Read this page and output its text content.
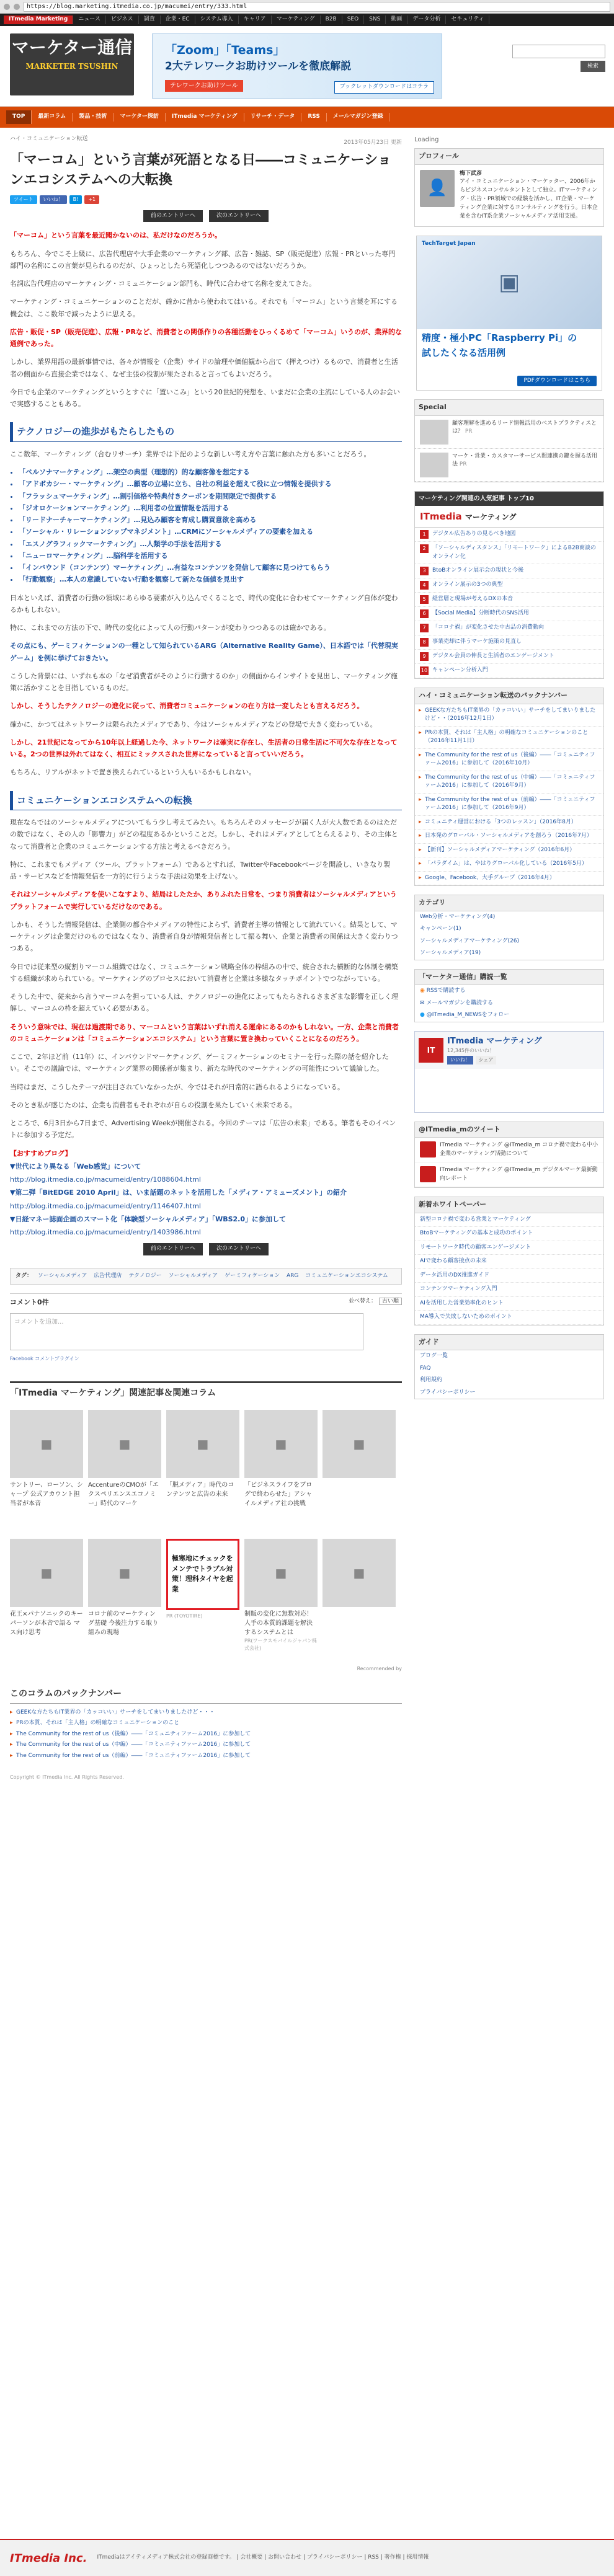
https://blog.marketing.itmedia.co.jp/macumei/entry/333.html
ITmedia Marketing	ニュース	ビジネス	調査	企業・EC	システム導入	キャリア	マーケティング	B2B	SEO	SNS	動画	データ分析	セキュリティ
マーケター通信
MARKETER TSUSHIN
「Zoom」「Teams」
2大テレワークお助けツールを徹底解説
テレワークお助けツール	ブックレットダウンロードはコチラ
検索
TOP	最新コラム	製品・技術	マーケター探訪	ITmedia マーケティング	リサーチ・データ	RSS	メールマガジン登録
ハイ・コミュニケーション転送
2013年05月23日 更新
「マーコム」という言葉が死語となる日――コミュニケーションエコシステムへの大転換
ツイート	いいね！	B!	+1
前のエントリーへ	次のエントリーへ

「マーコム」という言葉を最近聞かないのは、私だけなのだろうか。

もちろん、今でこそ上級に、広告代理店や大手企業のマーケティング部、広告・雑誌、SP（販売促進）広報・PRといった専門部門の名称にこの言葉が見られるのだが、ひょっとしたら死語化しつつあるのではないだろうか。

名詞広告代理店のマーケティング・コミュニケーション部門も、時代に合わせて名称を変えてきた。

マーケティング・コミュニケーションのことだが、確かに昔から使われてはいる。それでも「マーコム」という言葉を耳にする機会は、ここ数年で減ったように思える。

広告・販促・SP（販売促進）、広報・PRなど、消費者との関係作りの各種活動をひっくるめて「マーコム」いうのが、業界的な通例であった。

しかし、業界用語の最新事情では、各々が情報を（企業）サイドの論理や価値観から出て（押えつけ）るもので、消費者と生活者の側面から直接企業ではなく、なぜ主張の役割が果たされると言ってもよいだろう。

今日でも企業のマーケティングというとすぐに「置いこみ」という20世紀的発想を、いまだに企業の主流にしている人のお会いで実感することもある。

テクノロジーの進歩がもたらしたもの

ここ数年、マーケティング（合むリサーチ）業界では下記のような新しい考え方や言葉に触れた方も多いことだろう。

• 「ペルソナマーケティング」…架空の典型（理想的）的な顧客像を想定する
• 「アドボカシー・マーケティング」…顧客の立場に立ち、自社の利益を超えて役に立つ情報を提供する
• 「フラッシュマーケティング」…割引価格や特典付きクーポンを期間限定で提供する
• 「ジオロケーションマーケティング」…利用者の位置情報を活用する
• 「リードナーチャーマーケティング」…見込み顧客を育成し購買意欲を高める
• 「ソーシャル・リレーションシップマネジメント」…CRMにソーシャルメディアの要素を加える
• 「エスノグラフィックマーケティング」…人類学の手法を活用する
• 「ニューロマーケティング」…脳科学を活用する
• 「インバウンド（コンテンツ）マーケティング」…有益なコンテンツを発信して顧客に見つけてもらう
• 「行動観察」…本人の意識していない行動を観察して新たな価値を見出す

日本といえば、消費者の行動の領域にあらゆる要素が入り込んでくることで、時代の変化に合わせてマーケティング自体が変わるかもしれない。

特に、これまでの方法の下で、時代の変化によって人の行動パターンが変わりつつあるのは確かである。

その点にも、ゲーミフィケーションの一種として知られているARG（Alternative Reality Game）、日本語では「代替現実ゲーム」を例に挙げておきたい。

こうした背景には、いずれも本の「なぜ消費者がそのように行動するのか」の側面からインサイトを見出し、マーケティング施策に活かすことを目指しているものだ。

しかし、そうしたテクノロジーの進化に従って、消費者コミュニケーションの在り方は一変したとも言えるだろう。

確かに、かつてはネットワークは限られたメディアであり、今はソーシャルメディアなどの登場で大きく変わっている。

しかし、21世紀になってから10年以上経過した今、ネットワークは確実に存在し、生活者の日常生活に不可欠な存在となっている。2つの世界は外れてはなく、相互にミックスされた世界になっていると言っていいだろう。

もちろん、リアルがネットで置き換えられているという人もいるかもしれない。

コミュニケーションエコシステムへの転換

現在ならではのソーシャルメディアについてもう少し考えてみたい。もちろんそのメッセージが届く人が大人数であるのはただの数ではなく、その人の「影響力」がどの程度あるかということだ。しかし、それはメディアとしてとらえるより、その主体となって消費者と企業のコミュニケーションする方法と考えるべきだろう。

特に、これまでもメディア（ツール、プラットフォーム）であるとすれば、TwitterやFacebookページを開設し、いきなり製品・サービスなどを情報発信を一方的に行うような手法は効果を上げない。

それはソーシャルメディアを使いこなすより、結局はしたたか、ありふれた日常を、つまり消費者はソーシャルメディアというプラットフォームで実行しているだけなのである。

しかも、そうした情報発信は、企業側の都合やメディアの特性によらず、消費者主導の情報として流れていく。結果として、マーケティングは企業だけのものではなくなり、消費者自身が情報発信者として振る舞い、企業と消費者の関係は大きく変わりつつある。

今日では従来型の縦割りマーコム組織ではなく、コミュニケーション戦略全体の枠組みの中で、統合された横断的な体制を構築する組織が求められている。マーケティングのプロセスにおいて消費者と企業は多様なタッチポイントでつながっている。

そうした中で、従来から言うマーコムを担っている人は、テクノロジーの進化によってもたらされるさまざまな影響を正しく理解し、マーコムの枠を超えていく必要がある。

そういう意味では、現在は過渡期であり、マーコムという言葉はいずれ消える運命にあるのかもしれない。一方、企業と消費者のコミュニケーションは「コミュニケーションエコシステム」という言葉に置き換わっていくことになるのだろう。

ここで、2年ほど前（11年）に、インバウンドマーケティング、ゲーミフィケーションのセミナーを行った際の話を紹介したい。そこでの議論では、マーケティング業界の関係者が集まり、新たな時代のマーケティングの可能性について議論した。

当時はまだ、こうしたテーマが注目されていなかったが、今ではそれが日常的に語られるようになっている。

そのとき私が感じたのは、企業も消費者もそれぞれが自らの役割を果たしていく未来である。

ところで、6月3日から7日まで、Advertising Weekが開催される。今回のテーマは「広告の未来」である。筆者もそのイベントに参加する予定だ。

【おすすめブログ】

▼世代により異なる「Web感覚」について

http://blog.itmedia.co.jp/macumeid/entry/1088604.html

▼第二弾「BitEDGE 2010 April」は、いま話題のネットを活用した「メディア・アミューズメント」の紹介

http://blog.itmedia.co.jp/macumeid/entry/1146407.html

▼日経マネー誌面企画のスマート化「体験型ソーシャルメディア」「WBS2.0」に参加して

http://blog.itmedia.co.jp/macumeid/entry/1403986.html

前のエントリーへ	次のエントリーへ
タグ： ソーシャルメディア 広告代理店 テクノロジー ソーシャルメディア ゲーミフィケーション ARG コミュニケーションエコシステム
コメント0件	並べ替え： 古い順
コメントを追加...
Facebook コメントプラグイン
「ITmedia マーケティング」関連記事＆関連コラム
■
サントリー、ローソン、シャープ 公式アカウント担当者が本音
■
AccentureのCMOが「エクスペリエンスエコノミー」時代のマーケ
■
「脱メディア」時代のコンテンツと広告の未来
■
「ビジネスライフをブログで終わらせた」アシャイルメディア社の挑戦
■
■
花王×パナソニックのキーパーソンが本音で語る マス向け思考
■
コロナ前のマーケティング基礎 今後注力する取り組みの現場
極寒地にチェックをメンテでトラブル対策！理科タイヤを起業
PR (TOYOTIRE)
■
制販の変化に無数対応！人手の本質的課題を解決するシステムとは
PR(ワークスモバイルジャパン株式会社)
■
Recommended by
このコラムのバックナンバー
▸ GEEKな方たちもIT業界の「カッコいい」サーチをしてまいりましたけど・・・
▸ PRの本質、それは「主人格」の明確なコミュニケーションのこと
▸ The Community for the rest of us（後編）――「コミュニティファーム2016」に参加して
▸ The Community for the rest of us（中編）――「コミュニティファーム2016」に参加して
▸ The Community for the rest of us（前編）――「コミュニティファーム2016」に参加して
Copyright © ITmedia Inc. All Rights Reserved.
Loading
プロフィール
👤
梅下武彦
アイ・コミュニケーション・マーケッター、2006年からビジネスコンサルタントとして独立。ITマーケティング・広告・PR領域での経験を活かし、IT企業・マーケティング企業に対するコンサルティングを行う。日本企業を含むIT系企業ソーシャルメディア活用支援。
▣
TechTarget Japan
精度・極小PC「Raspberry Pi」の
試したくなる活用例
PDFダウンロードはこちら
Special
顧客理解を進めるリード情報活用のベストプラクティスとは？ PR
マーケ・営業・カスタマーサービス間連携の鍵を握る活用法 PR
マーケティング関連の人気記事 トップ10
ITmedia マーケティング
1	デジタル広告ありの見るべき地図
2	「ソーシャルディスタンス」「リモートワーク」によるB2B商談のオンライン化
3	BtoBオンライン展示会の現状と今後
4	オンライン展示の3つの典型
5	経営層と現場が考えるDXの本音
6	【Social Media】分断時代のSNS活用
7	「コロナ禍」が変化させた中古品の消費動向
8	事業売却に伴うマーケ施策の見直し
9	デジタル会員の伸長と生活者のエンゲージメント
10 キャンペーン分析入門
ハイ・コミュニケーション転送のバックナンバー
▸ GEEKな方たちもIT業界の「カッコいい」サーチをしてまいりましたけど・・（2016年12月1日）
▸ PRの本質、それは「主人格」の明確なコミュニケーションのこと（2016年11月1日）
▸ The Community for the rest of us（後編）――「コミュニティファーム2016」に参加して（2016年10月）
▸ The Community for the rest of us（中編）――「コミュニティファーム2016」に参加して（2016年9月）
▸ The Community for the rest of us（前編）――「コミュニティファーム2016」に参加して（2016年9月）
▸ コミュニティ運営における「3つのレッスン」（2016年8月）
▸ 日本発のグローバル・ソーシャルメディアを創ろう（2016年7月）
▸ 【新刊】ソーシャルメディアマーケティング（2016年6月）
▸ 「パラダイム」は、やはりグローバル化している（2016年5月）
▸ Google、Facebook、大手グループ（2016年4月）
カテゴリ
Web分析・マーケティング(4)
キャンペーン(1)
ソーシャルメディアマーケティング(26)
ソーシャルメディア(19)
「マーケター通信」購読一覧
◉ RSSで購読する
✉ メールマガジンを購読する
● @ITmedia_M_NEWSをフォロー
IT
ITmedia マーケティング
12,345件のいいね！
いいね！ シェア
@ITmedia_mのツイート
ITmedia マーケティング @ITmedia_m コロナ禍で変わる中小企業のマーケティング活動について
ITmedia マーケティング @ITmedia_m デジタルマーケ最新動向レポート
新着ホワイトペーパー
新型コロナ禍で変わる営業とマーケティング
BtoBマーケティングの基本と成功のポイント
リモートワーク時代の顧客エンゲージメント
AIで変わる顧客接点の未来
データ活用のDX推進ガイド
コンテンツマーケティング入門
AIを活用した営業効率化のヒント
MA導入で失敗しないためのポイント
ガイド
ブログ一覧
FAQ
利用規約
プライバシーポリシー
ITmedia Inc. ITmediaはアイティメディア株式会社の登録商標です。 | 会社概要 | お問い合わせ | プライバシーポリシー | RSS | 著作権 | 採用情報
